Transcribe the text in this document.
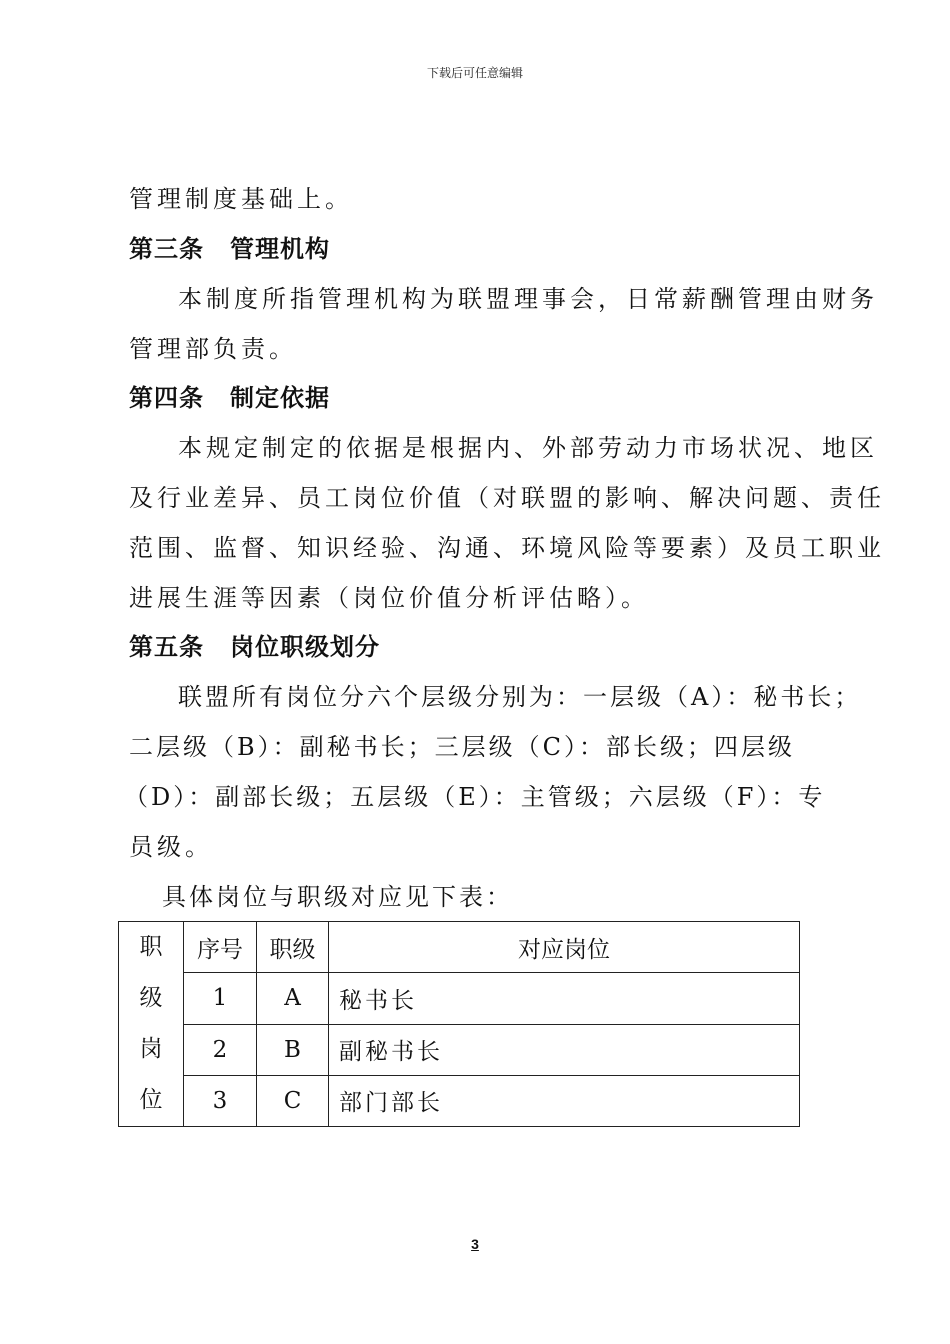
下载后可任意编辑
管理制度基础上。
第三条 管理机构
本制度所指管理机构为联盟理事会，日常薪酬管理由财务
管理部负责。
第四条 制定依据
本规定制定的依据是根据内、外部劳动力市场状况、地区
及行业差异、员工岗位价值（对联盟的影响、解决问题、责任
范围、监督、知识经验、沟通、环境风险等要素）及员工职业
进展生涯等因素（岗位价值分析评估略）。
第五条 岗位职级划分
联盟所有岗位分六个层级分别为：一层级（A）：秘书长；
二层级（B）：副秘书长；三层级（C）：部长级；四层级
（D）：副部长级；五层级（E）：主管级；六层级（F）：专
员级。
具体岗位与职级对应见下表：
职
级
岗
位	序号	职级	对应岗位
	1	A	秘书长
	2	B	副秘书长
	3	C	部门部长
3
